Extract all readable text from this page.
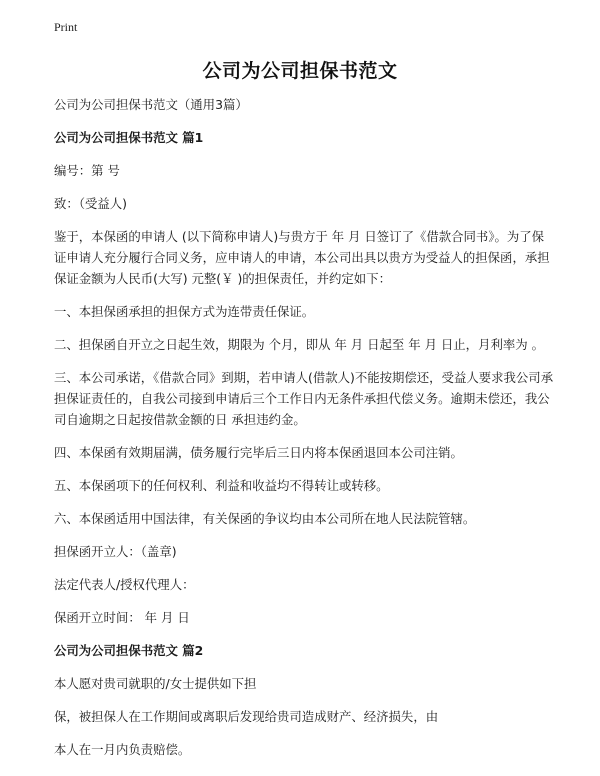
Print
公司为公司担保书范文

公司为公司担保书范文（通用3篇）

公司为公司担保书范文 篇1

编号：第 号

致：（受益人)

鉴于，本保函的申请人 (以下简称申请人)与贵方于 年 月 日签订了《借款合同书》。为了保证申请人充分履行合同义务，应申请人的申请，本公司出具以贵方为受益人的担保函，承担保证金额为人民币(大写) 元整(￥ )的担保责任，并约定如下：

一、本担保函承担的担保方式为连带责任保证。

二、担保函自开立之日起生效，期限为 个月，即从 年 月 日起至 年 月 日止，月利率为 。

三、本公司承诺，《借款合同》到期，若申请人(借款人)不能按期偿还，受益人要求我公司承担保证责任的，自我公司接到申请后三个工作日内无条件承担代偿义务。逾期未偿还，我公司自逾期之日起按借款金额的日 承担违约金。

四、本保函有效期届满，债务履行完毕后三日内将本保函退回本公司注销。

五、本保函项下的任何权利、利益和收益均不得转让或转移。

六、本保函适用中国法律，有关保函的争议均由本公司所在地人民法院管辖。

担保函开立人：（盖章)

法定代表人/授权代理人：

保函开立时间： 年 月 日

公司为公司担保书范文 篇2

本人愿对贵司就职的/女士提供如下担

保，被担保人在工作期间或离职后发现给贵司造成财产、经济损失，由

本人在一月内负责赔偿。
